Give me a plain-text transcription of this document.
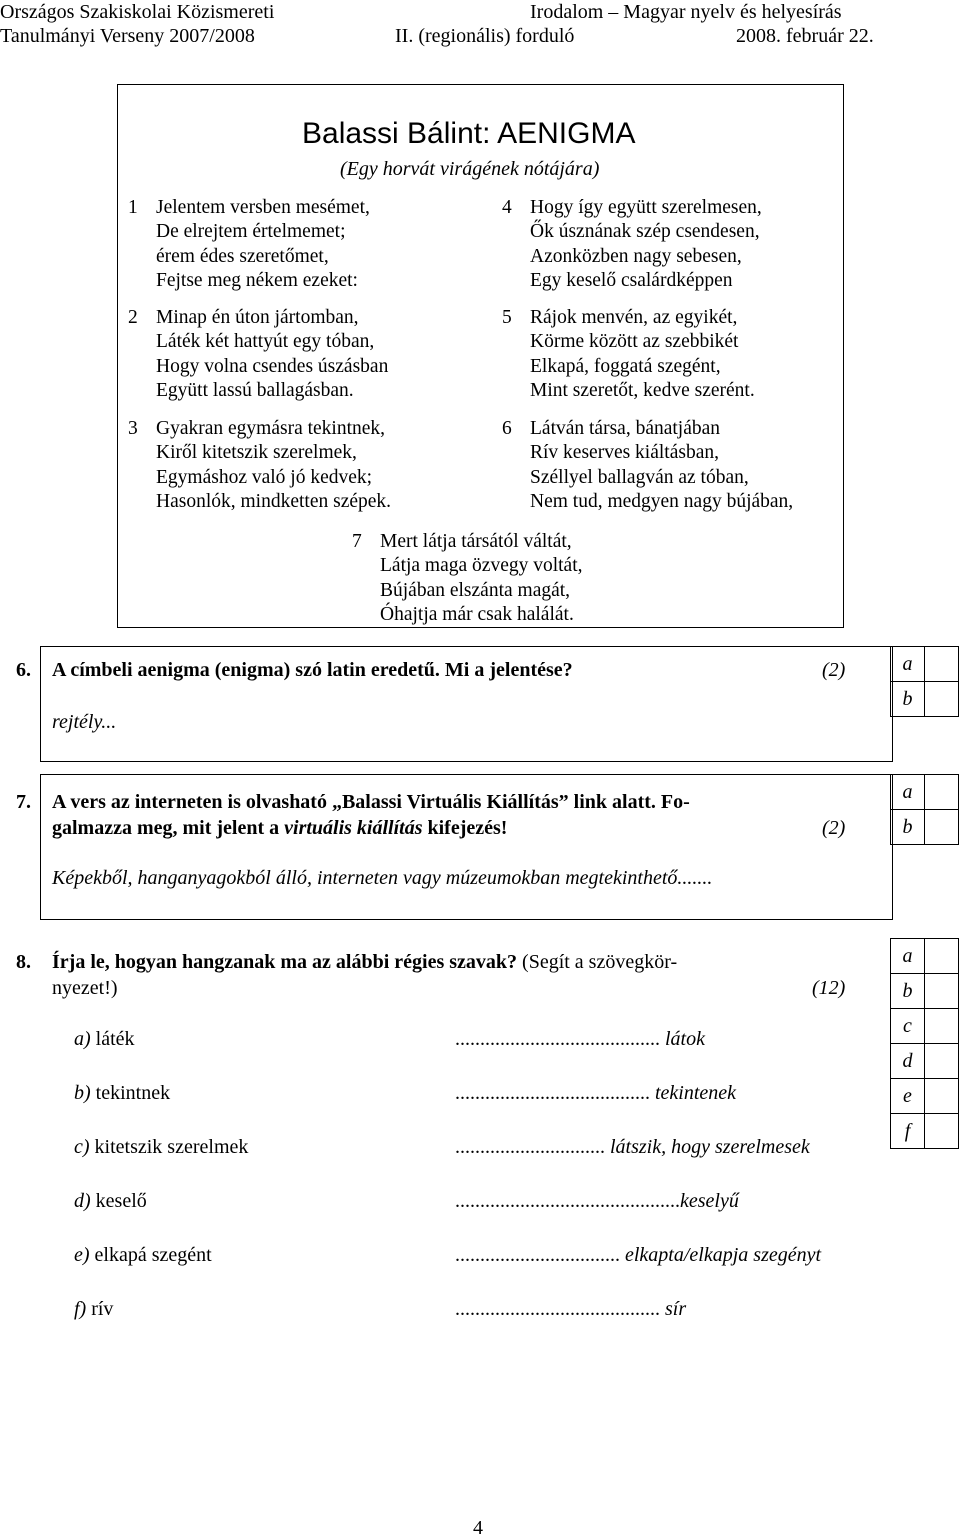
Országos Szakiskolai Közismereti
Tanulmányi Verseny 2007/2008
Irodalom – Magyar nyelv és helyesírás
II. (regionális) forduló	2008. február 22.
Balassi Bálint: AENIGMA
(Egy horvát virágének nótájára)
1 Jelentem versben mesémet,
De elrejtem értelmemet;
érem édes szeretőmet,
Fejtse meg nékem ezeket:
2 Minap én úton jártomban,
Láték két hattyút egy tóban,
Hogy volna csendes úszásban
Együtt lassú ballagásban.
3 Gyakran egymásra tekintnek,
Kiről kitetszik szerelmek,
Egymáshoz való jó kedvek;
Hasonlók, mindketten szépek.
4 Hogy így együtt szerelmesen,
Ők úsznának szép csendesen,
Azonközben nagy sebesen,
Egy keselő csalárdképpen
5 Rájok menvén, az egyikét,
Körme között az szebbikét
Elkapá, foggatá szegént,
Mint szeretőt, kedve szerént.
6 Látván társa, bánatjában
Rív keserves kiáltásban,
Széllyel ballagván az tóban,
Nem tud, medgyen nagy bújában,
7 Mert látja társától váltát,
Látja maga özvegy voltát,
Bújában elszánta magát,
Óhajtja már csak halálát.
6. A címbeli aenigma (enigma) szó latin eredetű. Mi a jelentése?	(2)
rejtély...
a	
b	
7. A vers az interneten is olvasható „Balassi Virtuális Kiállítás” link alatt. Fo-
galmazza meg, mit jelent a virtuális kiállítás kifejezés!	(2)
Képekből, hanganyagokból álló, interneten vagy múzeumokban megtekinthető.......
a	
b	
8. Írja le, hogyan hangzanak ma az alábbi régies szavak? (Segít a szövegkör-
nyezet!)	(12)
a	
b	
c	
d	
e	
f	
a) láték	......................................... látok
b) tekintnek	....................................... tekintenek
c) kitetszik szerelmek	.............................. látszik, hogy szerelmesek
d) keselő	.............................................keselyű
e) elkapá szegént	................................. elkapta/elkapja szegényt
f) rív	......................................... sír
4
